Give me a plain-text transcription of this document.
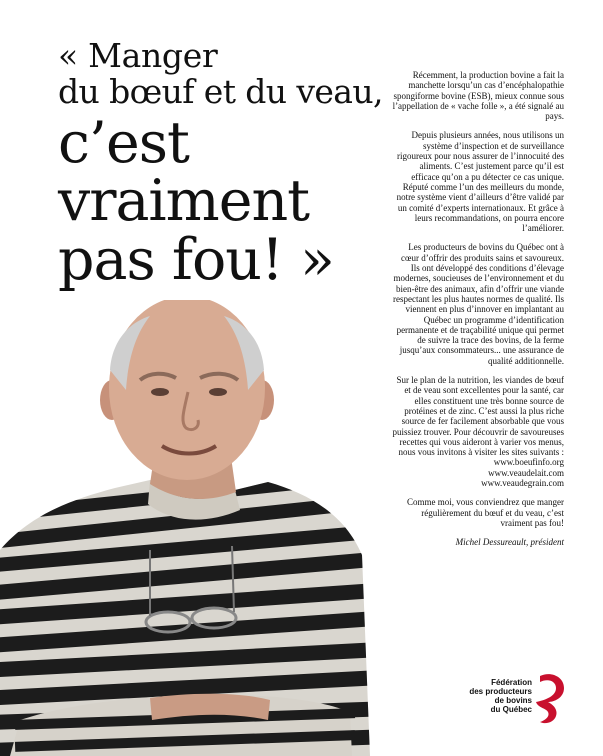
« Manger
du bœuf et du veau,
c’est
vraiment
pas fou! »

Récemment, la production bovine a fait la manchette lorsqu’un cas d’encéphalopathie spongiforme bovine (ESB), mieux connue sous l’appellation de « vache folle », a été signalé au pays.

Depuis plusieurs années, nous utilisons un système d’inspection et de surveillance rigoureux pour nous assurer de l’innocuité des aliments. C’est justement parce qu’il est efficace qu’on a pu détecter ce cas unique. Réputé comme l’un des meilleurs du monde, notre système vient d’ailleurs d’être validé par un comité d’experts internationaux. Et grâce à leurs recommandations, on pourra encore l’améliorer.

Les producteurs de bovins du Québec ont à cœur d’offrir des produits sains et savoureux. Ils ont développé des conditions d’élevage modernes, soucieuses de l’environnement et du bien-être des animaux, afin d’offrir une viande respectant les plus hautes normes de qualité. Ils viennent en plus d’innover en implantant au Québec un programme d’identification permanente et de traçabilité unique qui permet de suivre la trace des bovins, de la ferme jusqu’aux consommateurs... une assurance de qualité additionnelle.

Sur le plan de la nutrition, les viandes de bœuf et de veau sont excellentes pour la santé, car elles constituent une très bonne source de protéines et de zinc. C’est aussi la plus riche source de fer facilement absorbable que vous puissiez trouver. Pour découvrir de savoureuses recettes qui vous aideront à varier vos menus, nous vous invitons à visiter les sites suivants :
www.boeufinfo.org
www.veaudelait.com
www.veaudegrain.com

Comme moi, vous conviendrez que manger régulièrement du bœuf et du veau, c’est vraiment pas fou!

Michel Dessureault, président

Fédération
des producteurs
de bovins
du Québec
